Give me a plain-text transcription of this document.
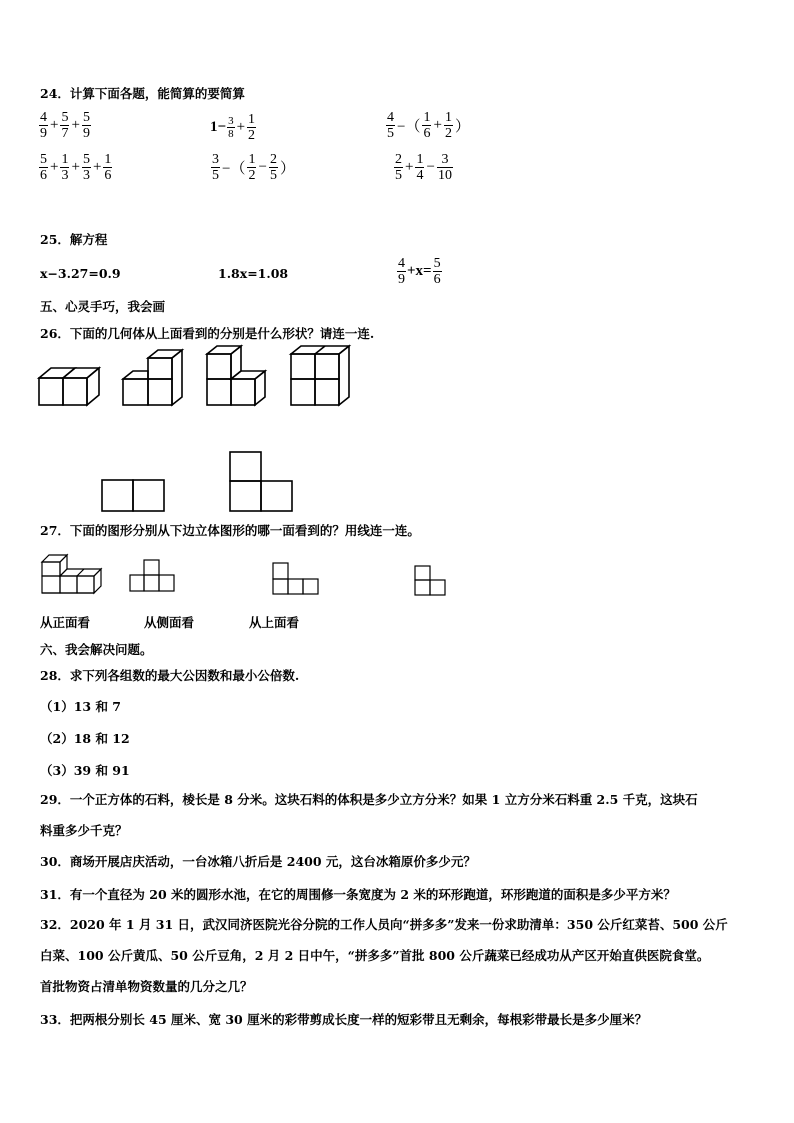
24．计算下面各题，能简算的要简算
$\frac{4}{9} + \frac{5}{7} + \frac{5}{9}$	$1- \frac{3}{8} + \frac{1}{2}$	$\frac{4}{5}$ −（ $\frac{1}{6} + \frac{1}{2}$ ）
$\frac{5}{6} + \frac{1}{3} + \frac{5}{3} + \frac{1}{6}$	$\frac{3}{5}$ −（ $\frac{1}{2} - \frac{2}{5}$ ）	$\frac{2}{5} + \frac{1}{4} - \frac{3}{10}$
25．解方程
x−3.27=0.9	1.8x=1.08	$\frac{4}{9} +x= \frac{5}{6}$
五、心灵手巧，我会画
26．下面的几何体从上面看到的分别是什么形状？请连一连.
27．下面的图形分别从下边立体图形的哪一面看到的？用线连一连。
从正面看	从侧面看	从上面看
六、我会解决问题。
28．求下列各组数的最大公因数和最小公倍数.
（1）13 和 7
（2）18 和 12
（3）39 和 91
29．一个正方体的石料，棱长是 8 分米。这块石料的体积是多少立方分米？如果 1 立方分米石料重 2.5 千克，这块石
料重多少千克？
30．商场开展店庆活动，一台冰箱八折后是 2400 元，这台冰箱原价多少元？
31．有一个直径为 20 米的圆形水池，在它的周围修一条宽度为 2 米的环形跑道，环形跑道的面积是多少平方米？
32．2020 年 1 月 31 日，武汉同济医院光谷分院的工作人员向“拼多多”发来一份求助清单：350 公斤红菜苔、500 公斤
白菜、100 公斤黄瓜、50 公斤豆角，2 月 2 日中午，“拼多多”首批 800 公斤蔬菜已经成功从产区开始直供医院食堂。
首批物资占清单物资数量的几分之几？
33．把两根分别长 45 厘米、宽 30 厘米的彩带剪成长度一样的短彩带且无剩余，每根彩带最长是多少厘米？
